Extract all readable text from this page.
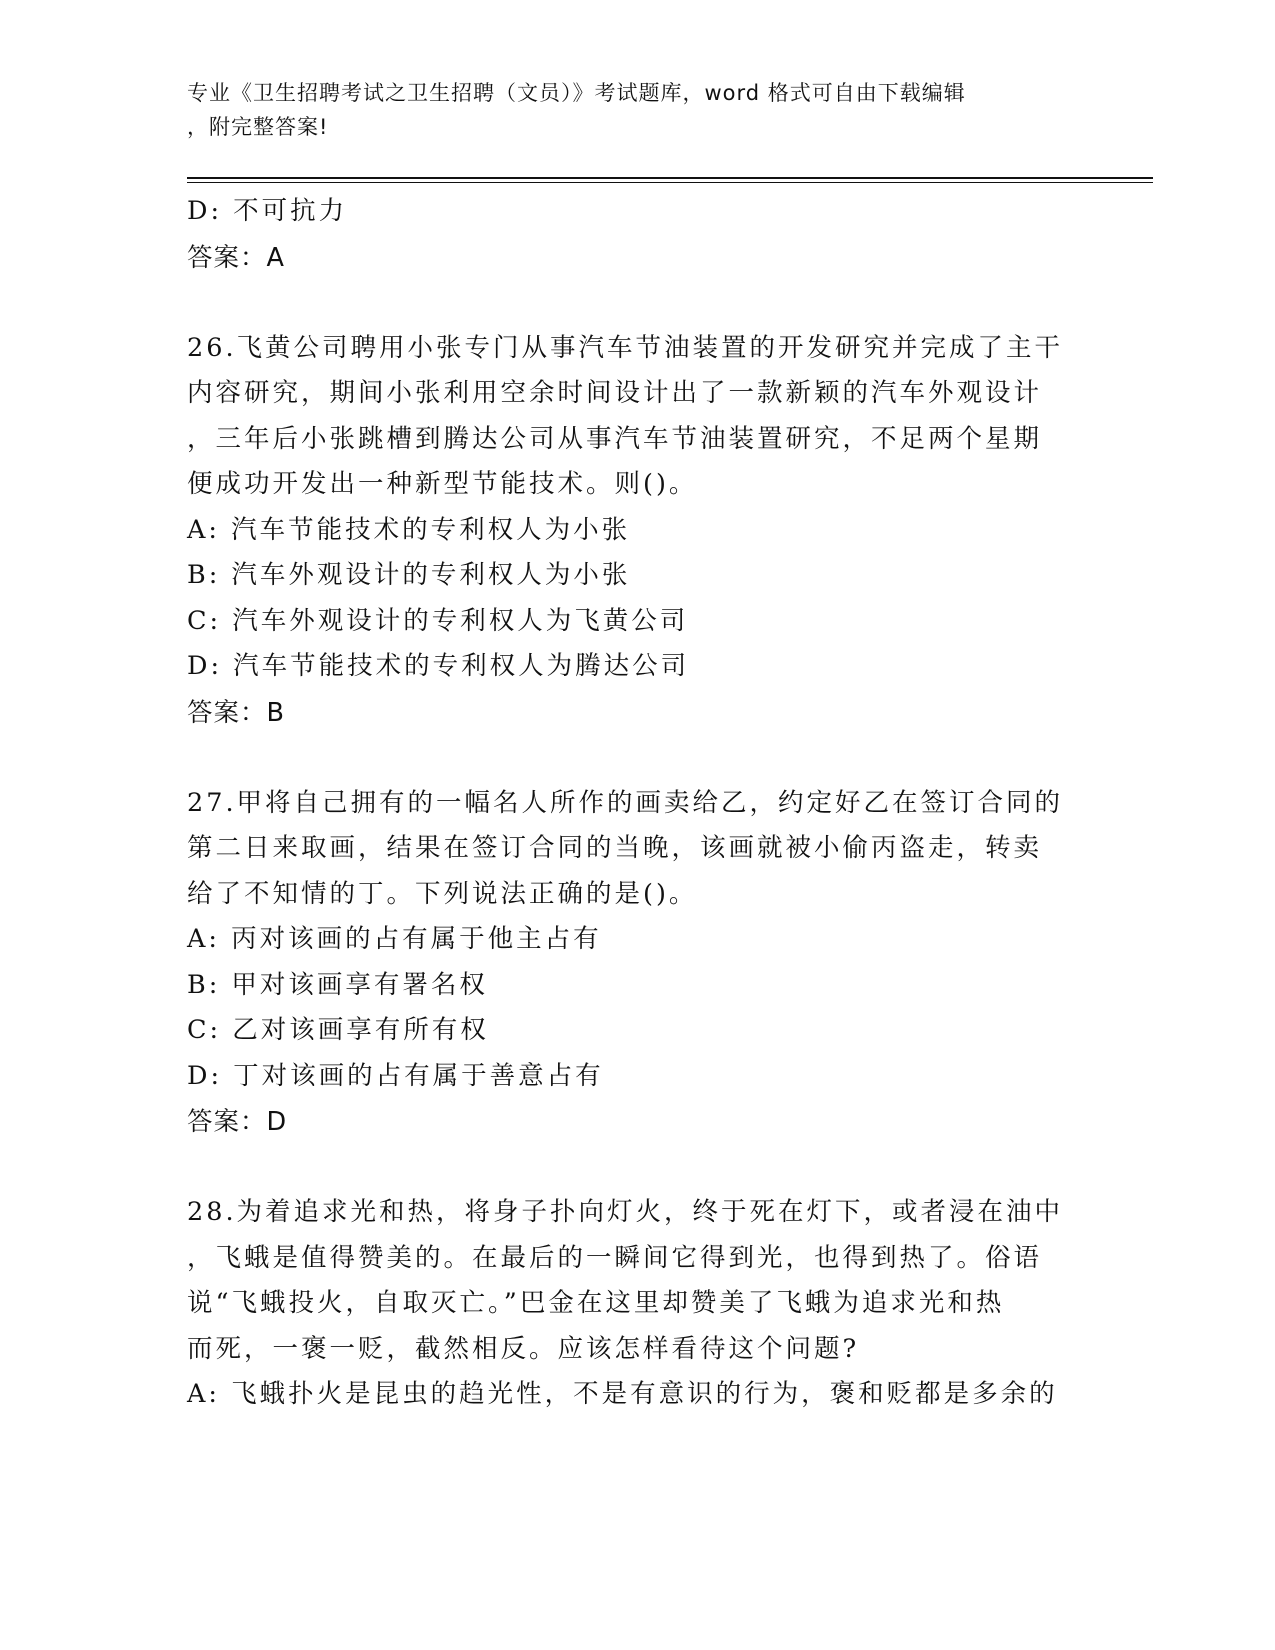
专业《卫生招聘考试之卫生招聘（文员）》考试题库，word 格式可自由下载编辑
，附完整答案!
D: 不可抗力
答案：A
26.飞黄公司聘用小张专门从事汽车节油装置的开发研究并完成了主干
内容研究，期间小张利用空余时间设计出了一款新颖的汽车外观设计
，三年后小张跳槽到腾达公司从事汽车节油装置研究，不足两个星期
便成功开发出一种新型节能技术。则()。
A: 汽车节能技术的专利权人为小张
B: 汽车外观设计的专利权人为小张
C: 汽车外观设计的专利权人为飞黄公司
D: 汽车节能技术的专利权人为腾达公司
答案：B
27.甲将自己拥有的一幅名人所作的画卖给乙，约定好乙在签订合同的
第二日来取画，结果在签订合同的当晚，该画就被小偷丙盗走，转卖
给了不知情的丁。下列说法正确的是()。
A: 丙对该画的占有属于他主占有
B: 甲对该画享有署名权
C: 乙对该画享有所有权
D: 丁对该画的占有属于善意占有
答案：D
28.为着追求光和热，将身子扑向灯火，终于死在灯下，或者浸在油中
，飞蛾是值得赞美的。在最后的一瞬间它得到光，也得到热了。俗语
说“飞蛾投火，自取灭亡。”巴金在这里却赞美了飞蛾为追求光和热
而死，一褒一贬，截然相反。应该怎样看待这个问题?
A: 飞蛾扑火是昆虫的趋光性，不是有意识的行为，褒和贬都是多余的
